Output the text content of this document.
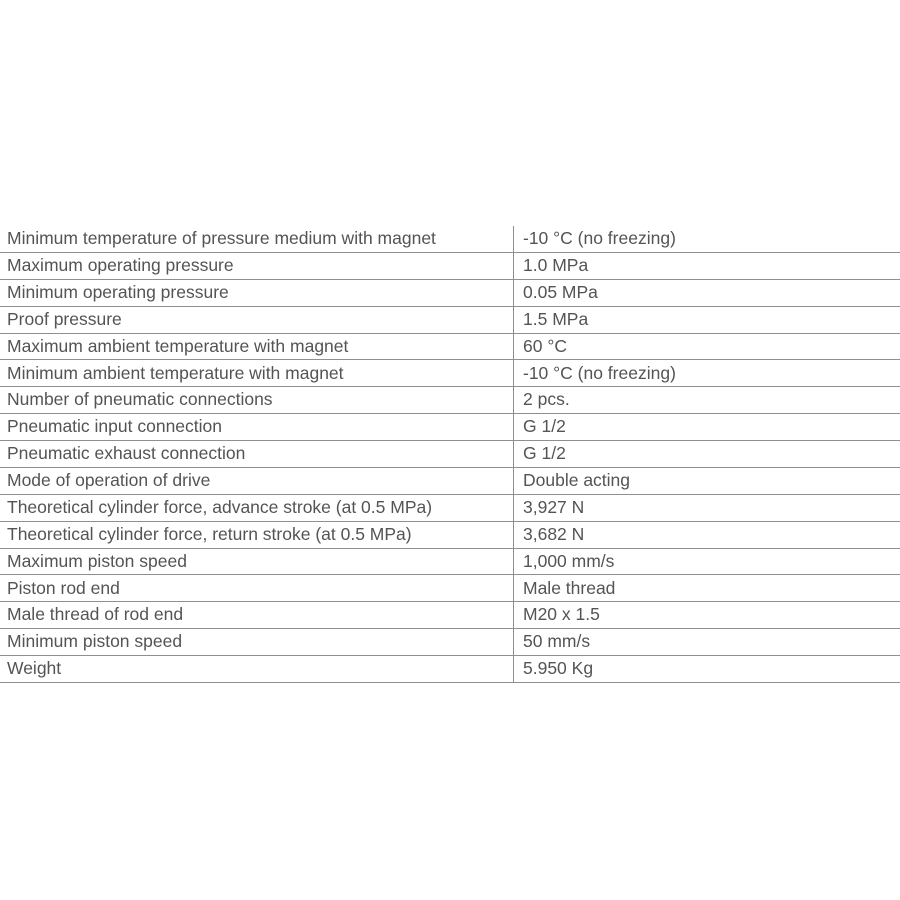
Minimum temperature of pressure medium with magnet	-10 °C (no freezing)
Maximum operating pressure	1.0 MPa
Minimum operating pressure	0.05 MPa
Proof pressure	1.5 MPa
Maximum ambient temperature with magnet	60 °C
Minimum ambient temperature with magnet	-10 °C (no freezing)
Number of pneumatic connections	2 pcs.
Pneumatic input connection	G 1/2
Pneumatic exhaust connection	G 1/2
Mode of operation of drive	Double acting
Theoretical cylinder force, advance stroke (at 0.5 MPa)	3,927 N
Theoretical cylinder force, return stroke (at 0.5 MPa)	3,682 N
Maximum piston speed	1,000 mm/s
Piston rod end	Male thread
Male thread of rod end	M20 x 1.5
Minimum piston speed	50 mm/s
Weight	5.950 Kg
